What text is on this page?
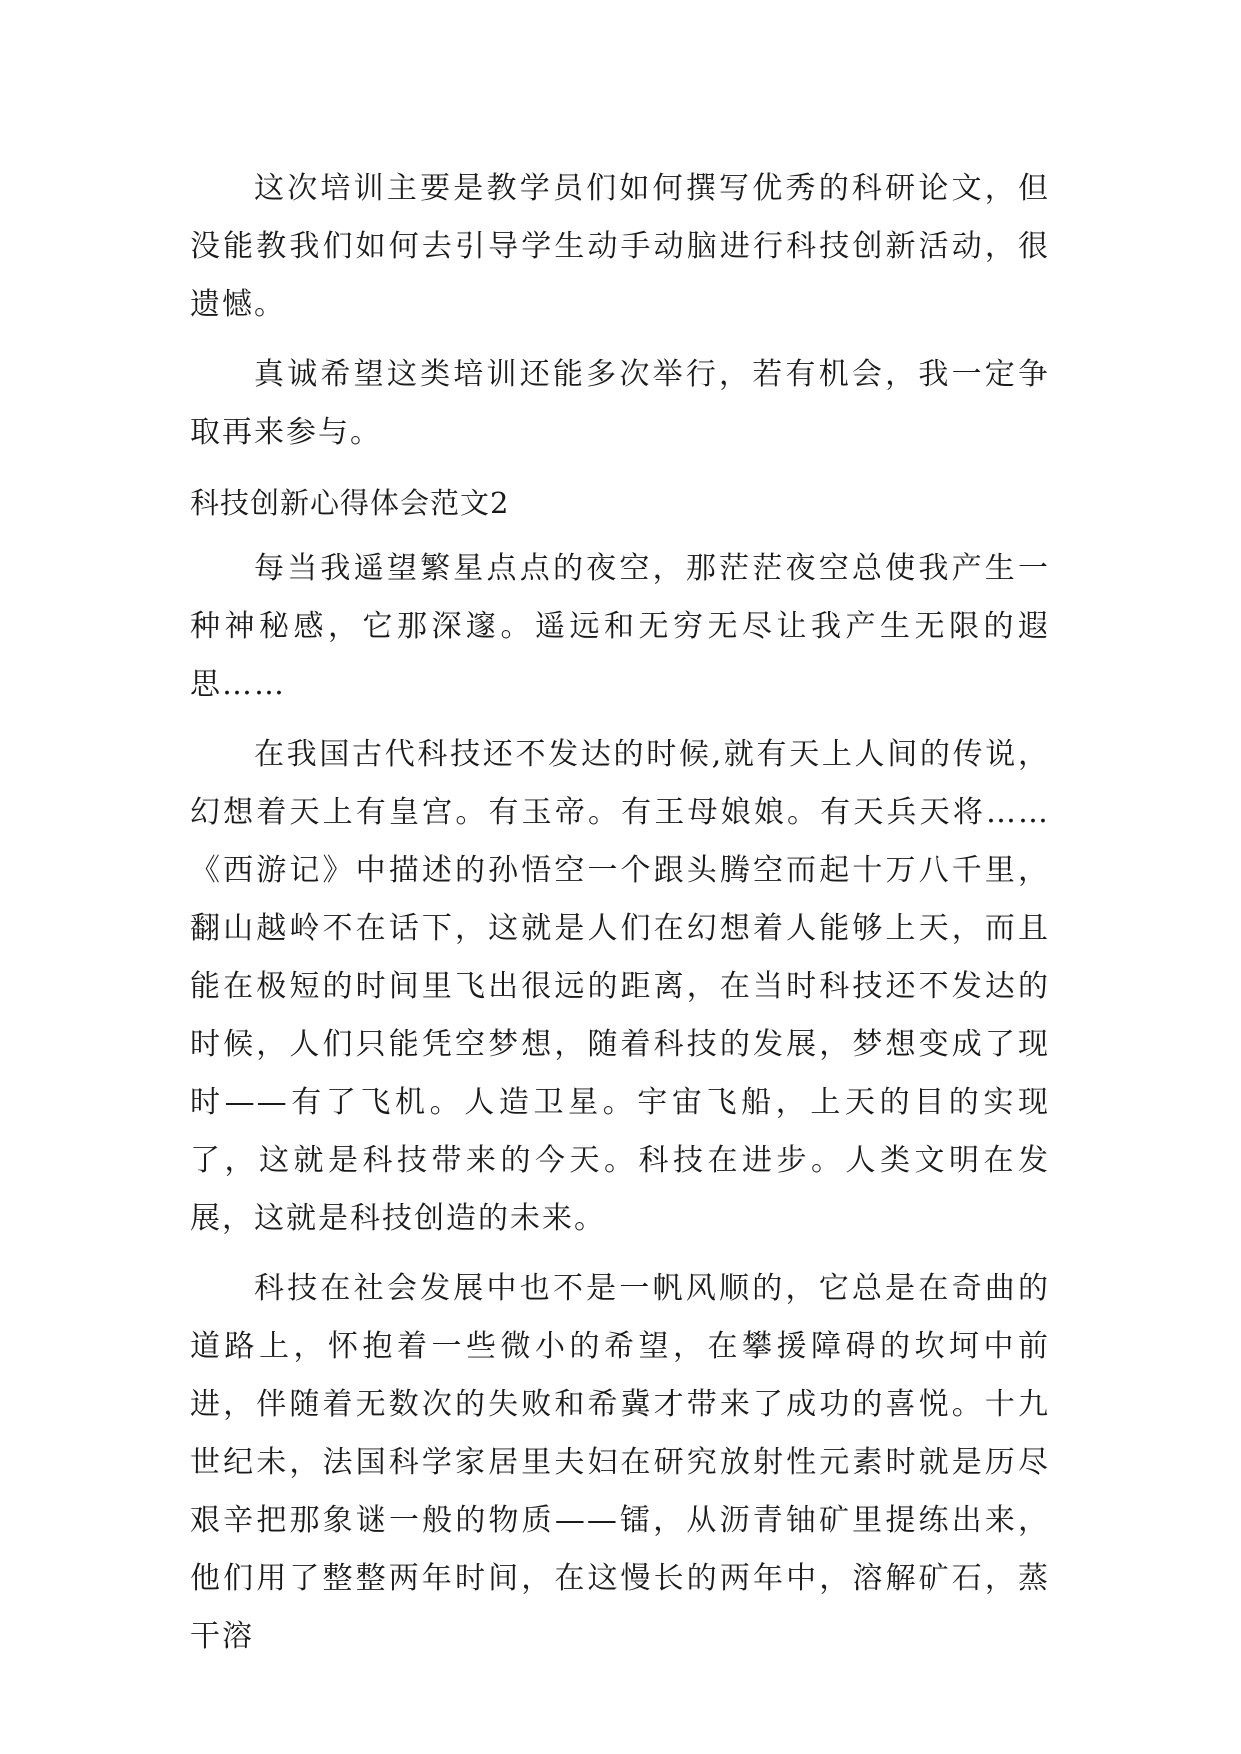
这次培训主要是教学员们如何撰写优秀的科研论文，但没能教我们如何去引导学生动手动脑进行科技创新活动，很遗憾。

真诚希望这类培训还能多次举行，若有机会，我一定争取再来参与。

科技创新心得体会范文2

每当我遥望繁星点点的夜空，那茫茫夜空总使我产生一种神秘感，它那深邃。遥远和无穷无尽让我产生无限的遐思……

在我国古代科技还不发达的时候,就有天上人间的传说，幻想着天上有皇宫。有玉帝。有王母娘娘。有天兵天将……《西游记》中描述的孙悟空一个跟头腾空而起十万八千里，翻山越岭不在话下，这就是人们在幻想着人能够上天，而且能在极短的时间里飞出很远的距离，在当时科技还不发达的时候，人们只能凭空梦想，随着科技的发展，梦想变成了现时——有了飞机。人造卫星。宇宙飞船，上天的目的实现了，这就是科技带来的今天。科技在进步。人类文明在发展，这就是科技创造的未来。

科技在社会发展中也不是一帆风顺的，它总是在奇曲的道路上，怀抱着一些微小的希望，在攀援障碍的坎坷中前进，伴随着无数次的失败和希冀才带来了成功的喜悦。十九世纪未，法国科学家居里夫妇在研究放射性元素时就是历尽艰辛把那象谜一般的物质——镭，从沥青铀矿里提练出来，他们用了整整两年时间，在这慢长的两年中，溶解矿石，蒸干溶
